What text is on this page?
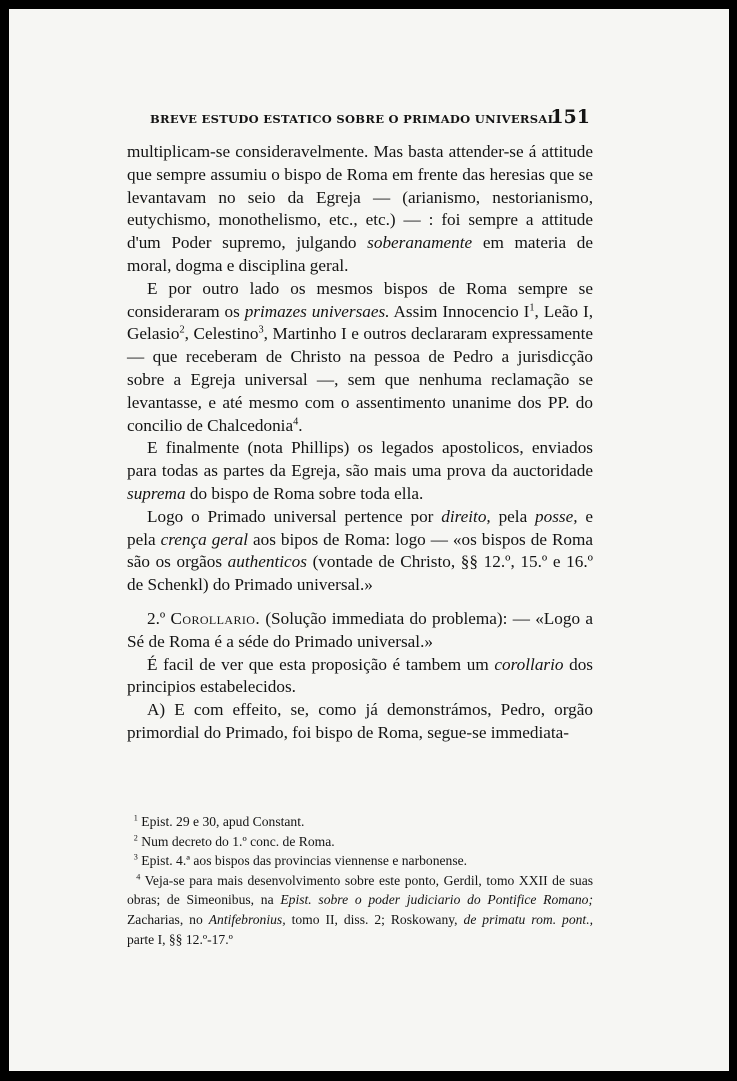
BREVE ESTUDO ESTATICO SOBRE O PRIMADO UNIVERSAL
151

multiplicam-se consideravelmente. Mas basta attender-se á attitude que sempre assumiu o bispo de Roma em frente das heresias que se levantavam no seio da Egreja — (arianismo, nestorianismo, eutychismo, monothelismo, etc., etc.) — : foi sempre a attitude d'um Poder supremo, julgando soberanamente em materia de moral, dogma e disciplina geral.

E por outro lado os mesmos bispos de Roma sempre se consideraram os primazes universaes. Assim Innocencio $I^1$, Leão I, Gelasio$^2$, Celestino$^3$, Martinho I e outros declararam expressamente — que receberam de Christo na pessoa de Pedro a jurisdicção sobre a Egreja universal —, sem que nenhuma reclamação se levantasse, e até mesmo com o assentimento unanime dos PP. do concilio de Chalcedonia$^4$.

E finalmente (nota Phillips) os legados apostolicos, enviados para todas as partes da Egreja, são mais uma prova da auctoridade suprema do bispo de Roma sobre toda ella.

Logo o Primado universal pertence por direito, pela posse, e pela crença geral aos bipos de Roma: logo — «os bispos de Roma são os orgãos authenticos (vontade de Christo, §§ 12.º, 15.º e 16.º de Schenkl) do Primado universal.»

2.º Corollario. (Solução immediata do problema): — «Logo a Sé de Roma é a séde do Primado universal.»

É facil de ver que esta proposição é tambem um corollario dos principios estabelecidos.

A) E com effeito, se, como já demonstrámos, Pedro, orgão primordial do Primado, foi bispo de Roma, segue-se immediata-

$^1$ Epist. 29 e 30, apud Constant.

$^2$ Num decreto do 1.º conc. de Roma.

$^3$ Epist. 4.ª aos bispos das provincias viennense e narbonense.

$^4$ Veja-se para mais desenvolvimento sobre este ponto, Gerdil, tomo XXII de suas obras; de Simeonibus, na Epist. sobre o poder judiciario do Pontifice Romano; Zacharias, no Antifebronius, tomo II, diss. 2; Roskowany, de primatu rom. pont., parte I, §§ 12.º-17.º
